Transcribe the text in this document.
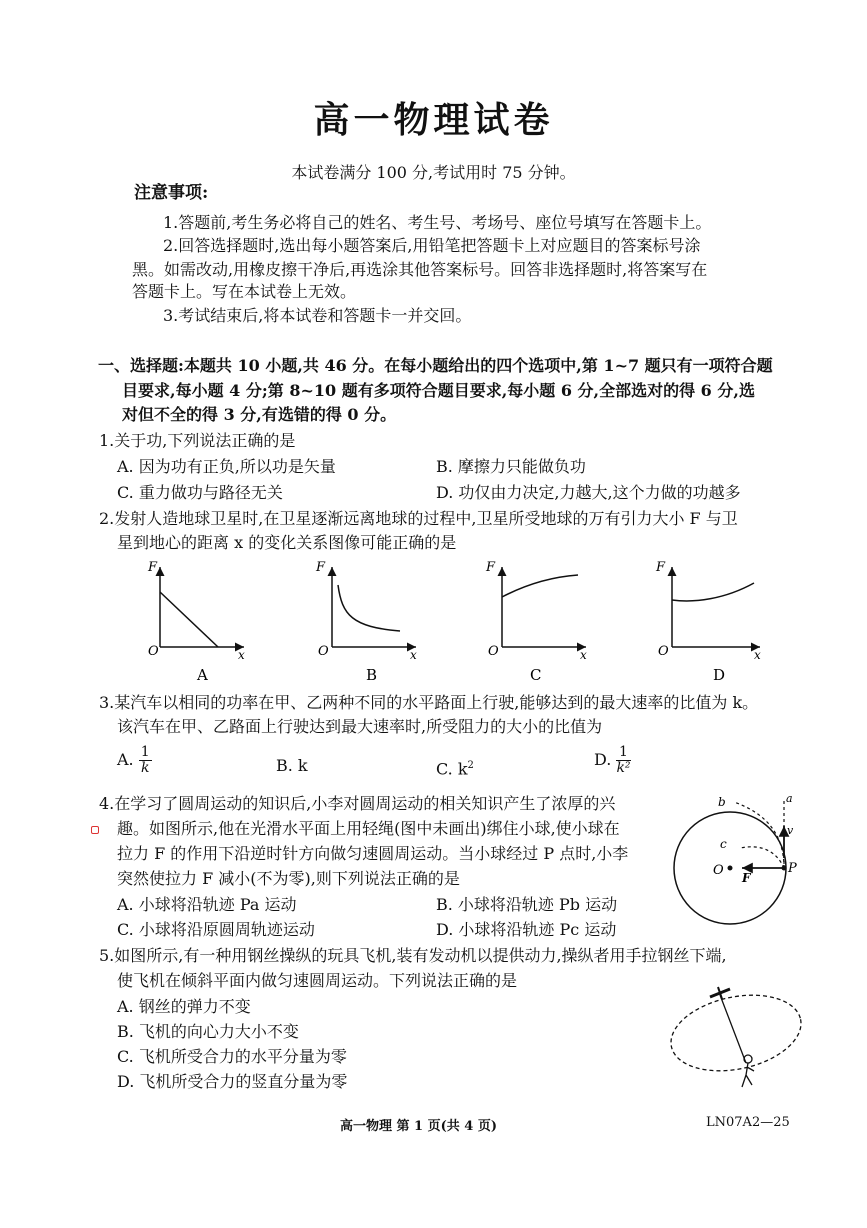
高一物理试卷
本试卷满分 100 分,考试用时 75 分钟。
注意事项:
1.答题前,考生务必将自己的姓名、考生号、考场号、座位号填写在答题卡上。
2.回答选择题时,选出每小题答案后,用铅笔把答题卡上对应题目的答案标号涂
黑。如需改动,用橡皮擦干净后,再选涂其他答案标号。回答非选择题时,将答案写在
答题卡上。写在本试卷上无效。
3.考试结束后,将本试卷和答题卡一并交回。
一、选择题:本题共 10 小题,共 46 分。在每小题给出的四个选项中,第 1~7 题只有一项符合题
目要求,每小题 4 分;第 8~10 题有多项符合题目要求,每小题 6 分,全部选对的得 6 分,选
对但不全的得 3 分,有选错的得 0 分。
1.关于功,下列说法正确的是
A. 因为功有正负,所以功是矢量	B. 摩擦力只能做负功
C. 重力做功与路径无关	D. 功仅由力决定,力越大,这个力做的功越多
2.发射人造地球卫星时,在卫星逐渐远离地球的过程中,卫星所受地球的万有引力大小 F 与卫
星到地心的距离 x 的变化关系图像可能正确的是
F
O	x
A
F
O	x
B
F
O	x
C
F
O	x
D
3.某汽车以相同的功率在甲、乙两种不同的水平路面上行驶,能够达到的最大速率的比值为 k。
该汽车在甲、乙路面上行驶达到最大速率时,所受阻力的大小的比值为
A. $\frac{1}{k}$	B. k	C. $k^2$	D. $\frac{1}{\text{k²}}$
4.在学习了圆周运动的知识后,小李对圆周运动的相关知识产生了浓厚的兴
趣。如图所示,他在光滑水平面上用轻绳(图中未画出)绑住小球,使小球在
拉力 F 的作用下沿逆时针方向做匀速圆周运动。当小球经过 P 点时,小李
突然使拉力 F 减小(不为零),则下列说法正确的是
A. 小球将沿轨迹 Pa 运动	B. 小球将沿轨迹 Pb 运动
C. 小球将沿原圆周轨迹运动	D. 小球将沿轨迹 Pc 运动
a
b
c
v
O F
P
5.如图所示,有一种用钢丝操纵的玩具飞机,装有发动机以提供动力,操纵者用手拉钢丝下端,
使飞机在倾斜平面内做匀速圆周运动。下列说法正确的是
A. 钢丝的弹力不变
B. 飞机的向心力大小不变
C. 飞机所受合力的水平分量为零
D. 飞机所受合力的竖直分量为零
高一物理 第 1 页(共 4 页)	LN07A2—25
